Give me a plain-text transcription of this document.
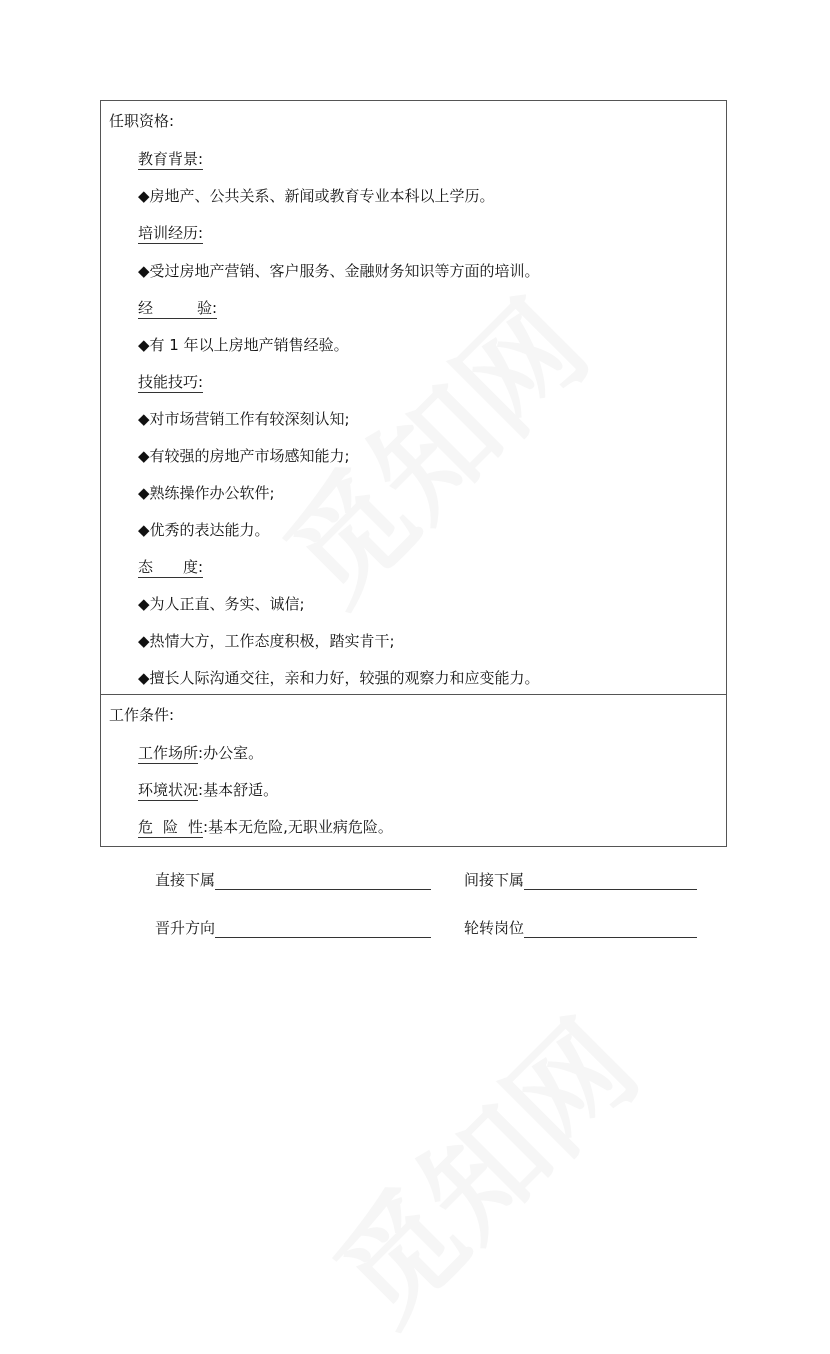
任职资格:
教育背景:
◆房地产、公共关系、新闻或教育专业本科以上学历。
培训经历:
◆受过房地产营销、客户服务、金融财务知识等方面的培训。
经	验:
◆有 1 年以上房地产销售经验。
技能技巧:
◆对市场营销工作有较深刻认知;
◆有较强的房地产市场感知能力;
◆熟练操作办公软件;
◆优秀的表达能力。
态 度:
◆为人正直、务实、诚信;
◆热情大方，工作态度积极，踏实肯干;
◆擅长人际沟通交往，亲和力好，较强的观察力和应变能力。
工作条件:
工作场所:办公室。
环境状况:基本舒适。
危 险 性:基本无危险,无职业病危险。
直接下属	间接下属
晋升方向	轮转岗位
